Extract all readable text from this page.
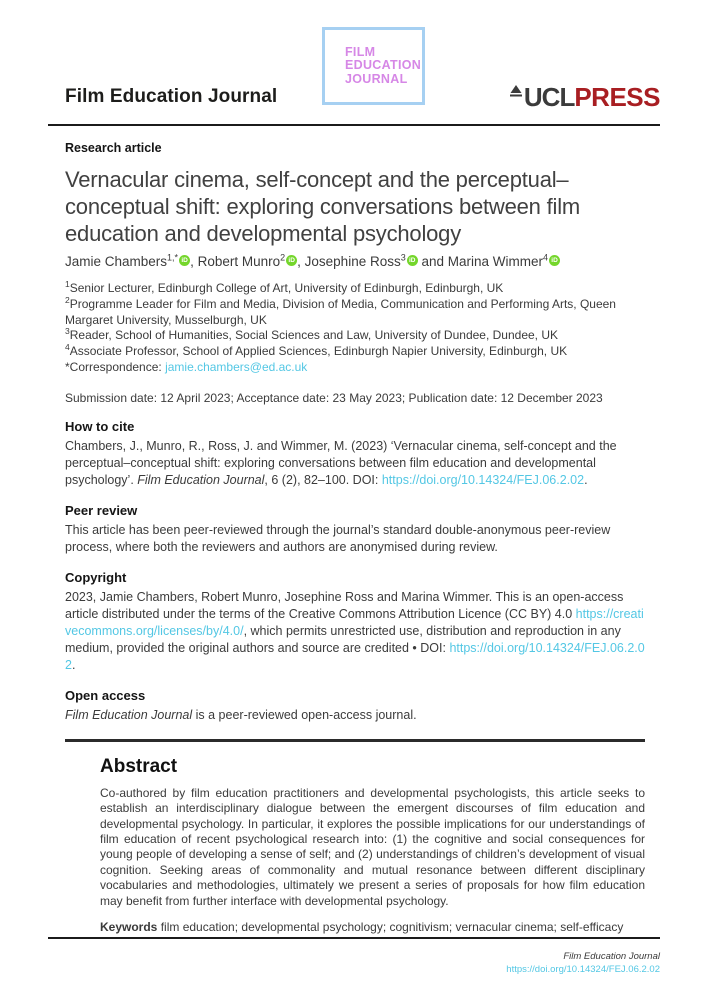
Film Education Journal
FILM
EDUCATION
JOURNAL
UCL PRESS

Research article

Vernacular cinema, self-concept and the perceptual–conceptual shift: exploring conversations between film education and developmental psychology

Jamie Chambers$^{1,*}$ iD , Robert Munro$^2$ iD , Josephine Ross$^3$ iD and Marina Wimmer$^4$ iD

$^1$Senior Lecturer, Edinburgh College of Art, University of Edinburgh, Edinburgh, UK

$^2$Programme Leader for Film and Media, Division of Media, Communication and Performing Arts, Queen Margaret University, Musselburgh, UK

$^3$Reader, School of Humanities, Social Sciences and Law, University of Dundee, Dundee, UK

$^4$Associate Professor, School of Applied Sciences, Edinburgh Napier University, Edinburgh, UK

*Correspondence: jamie.chambers@ed.ac.uk

Submission date: 12 April 2023; Acceptance date: 23 May 2023; Publication date: 12 December 2023

How to cite

Chambers, J., Munro, R., Ross, J. and Wimmer, M. (2023) ‘Vernacular cinema, self-concept and the perceptual–conceptual shift: exploring conversations between film education and developmental psychology’. Film Education Journal, 6 (2), 82–100. DOI: https://doi.org/10.14324/FEJ.06.2.02.

Peer review

This article has been peer-reviewed through the journal’s standard double-anonymous peer-review process, where both the reviewers and authors are anonymised during review.

Copyright

2023, Jamie Chambers, Robert Munro, Josephine Ross and Marina Wimmer. This is an open-access article distributed under the terms of the Creative Commons Attribution Licence (CC BY) 4.0 https://creativecommons.org/licenses/by/4.0/, which permits unrestricted use, distribution and reproduction in any medium, provided the original authors and source are credited • DOI: https://doi.org/10.14324/FEJ.06.2.02.

Open access

Film Education Journal is a peer-reviewed open-access journal.

Abstract

Co-authored by film education practitioners and developmental psychologists, this article seeks to establish an interdisciplinary dialogue between the emergent discourses of film education and developmental psychology. In particular, it explores the possible implications for our understandings of film education of recent psychological research into: (1) the cognitive and social consequences for young people of developing a sense of self; and (2) understandings of children’s development of visual cognition. Seeking areas of commonality and mutual resonance between different disciplinary vocabularies and methodologies, ultimately we present a series of proposals for how film education may benefit from further interface with developmental psychology.

Keywords film education; developmental psychology; cognitivism; vernacular cinema; self-efficacy

Film Education Journal
https://doi.org/10.14324/FEJ.06.2.02
